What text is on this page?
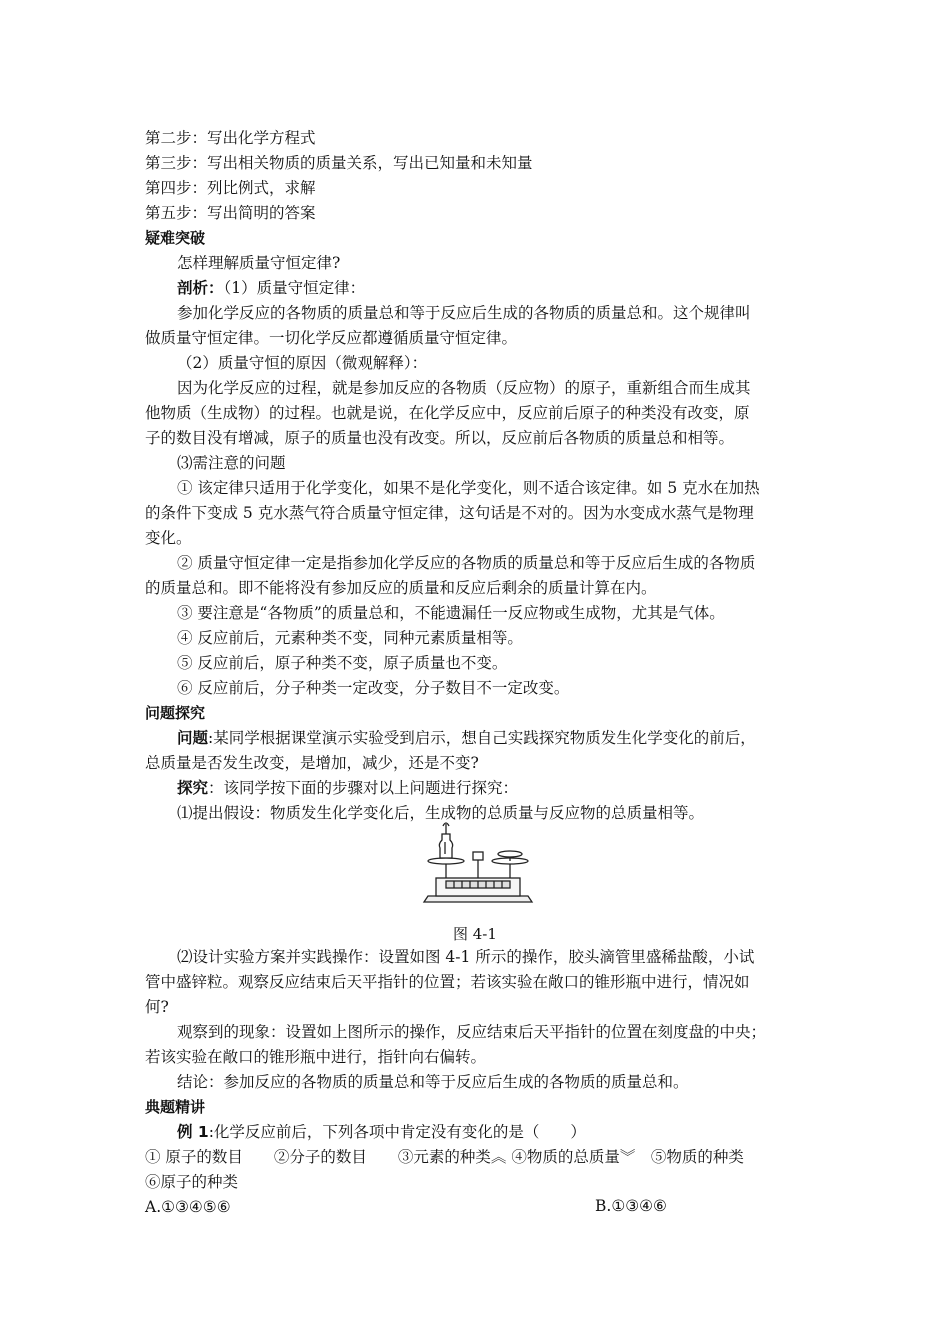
第二步：写出化学方程式
第三步：写出相关物质的质量关系，写出已知量和未知量
第四步：列比例式，求解
第五步：写出简明的答案
疑难突破
怎样理解质量守恒定律?
剖析：（1）质量守恒定律：
参加化学反应的各物质的质量总和等于反应后生成的各物质的质量总和。这个规律叫
做质量守恒定律。一切化学反应都遵循质量守恒定律。
（2）质量守恒的原因（微观解释）：
因为化学反应的过程，就是参加反应的各物质（反应物）的原子，重新组合而生成其
他物质（生成物）的过程。也就是说，在化学反应中，反应前后原子的种类没有改变，原
子的数目没有增减，原子的质量也没有改变。所以，反应前后各物质的质量总和相等。
⑶需注意的问题
① 该定律只适用于化学变化，如果不是化学变化，则不适合该定律。如 5 克水在加热
的条件下变成 5 克水蒸气符合质量守恒定律，这句话是不对的。因为水变成水蒸气是物理
变化。
② 质量守恒定律一定是指参加化学反应的各物质的质量总和等于反应后生成的各物质
的质量总和。即不能将没有参加反应的质量和反应后剩余的质量计算在内。
③ 要注意是“各物质”的质量总和，不能遗漏任一反应物或生成物，尤其是气体。
④ 反应前后，元素种类不变，同种元素质量相等。
⑤ 反应前后，原子种类不变，原子质量也不变。
⑥ 反应前后，分子种类一定改变，分子数目不一定改变。
问题探究
问题:某同学根据课堂演示实验受到启示，想自己实践探究物质发生化学变化的前后，
总质量是否发生改变，是增加，减少，还是不变?
探究：该同学按下面的步骤对以上问题进行探究：
⑴提出假设：物质发生化学变化后，生成物的总质量与反应物的总质量相等。
图 4-1
⑵设计实验方案并实践操作：设置如图 4-1 所示的操作，胶头滴管里盛稀盐酸，小试
管中盛锌粒。观察反应结束后天平指针的位置；若该实验在敞口的锥形瓶中进行，情况如
何?
观察到的现象：设置如上图所示的操作，反应结束后天平指针的位置在刻度盘的中央；
若该实验在敞口的锥形瓶中进行，指针向右偏转。
结论：参加反应的各物质的质量总和等于反应后生成的各物质的质量总和。
典题精讲
例 1:化学反应前后，下列各项中肯定没有变化的是（　　）
① 原子的数目　　②分子的数目　　③元素的种类︽ ④物质的总质量︾　⑤物质的种类
⑥原子的种类
A.①③④⑤⑥	B.①③④⑥
